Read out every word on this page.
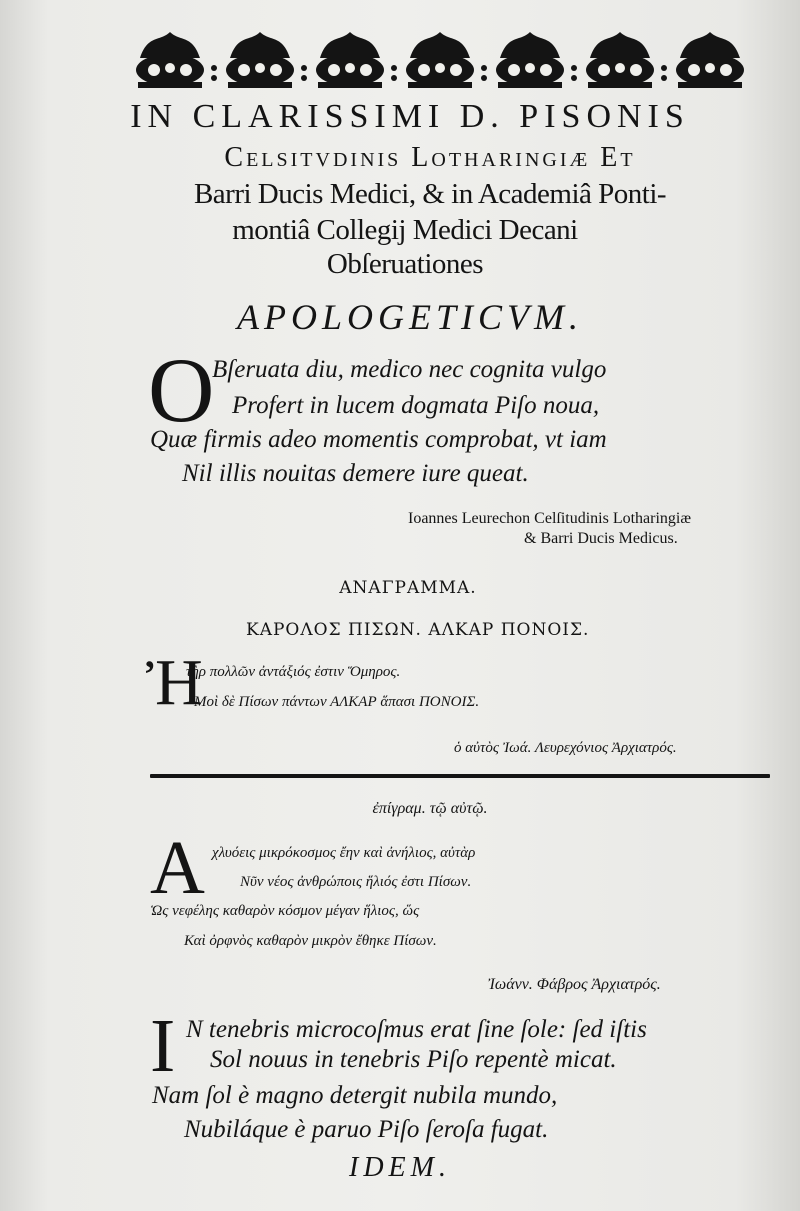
IN CLARISSIMI D. PISONIS
Celsitvdinis Lotharingiæ Et
Barri Ducis Medici, & in Academiâ Ponti-
montiâ Collegij Medici Decani
Obſeruationes
APOLOGETICVM.
O
Bſeruata diu, medico nec cognita vulgo
Profert in lucem dogmata Piſo noua,
Quæ firmis adeo momentis comprobat, vt iam
Nil illis nouitas demere iure queat.
Ioannes Leurechon Celſitudinis Lotharingiæ
& Barri Ducis Medicus.
ΑΝΑΓΡΑΜΜΑ.
ΚΑΡΟΛΟΣ ΠΙΣΩΝ. ΑΛΚΑΡ ΠΟΝΟΙΣ.
Ἠ
τὴρ πολλῶν ἀντάξιός ἐστιν Ὅμηρος.
Μοὶ δὲ Πίσων πάντων ΑΛΚΑΡ ἅπασι ΠΟΝΟΙΣ.
ὁ αὐτὸς Ἰωά. Λευρεχόνιος Ἀρχιατρός.
ἐπίγραμ. τῷ αὐτῷ.
Α χλυόεις μικρόκοσμος ἔην καὶ ἀνήλιος, αὐτὰρ
Νῦν νέος ἀνθρώποις ἥλιός ἐστι Πίσων.
Ὡς νεφέλης καθαρὸν κόσμον μέγαν ἥλιος, ὥς
Καὶ ὀρφνὸς καθαρὸν μικρὸν ἔθηκε Πίσων.
Ἰωάνν. Φάβρος Ἀρχιατρός.
I N tenebris microcoſmus erat ſine ſole: ſed iſtis
Sol nouus in tenebris Piſo repentè micat.
Nam ſol è magno detergit nubila mundo,
Nubiláque è paruo Piſo ſeroſa fugat.
IDEM.
